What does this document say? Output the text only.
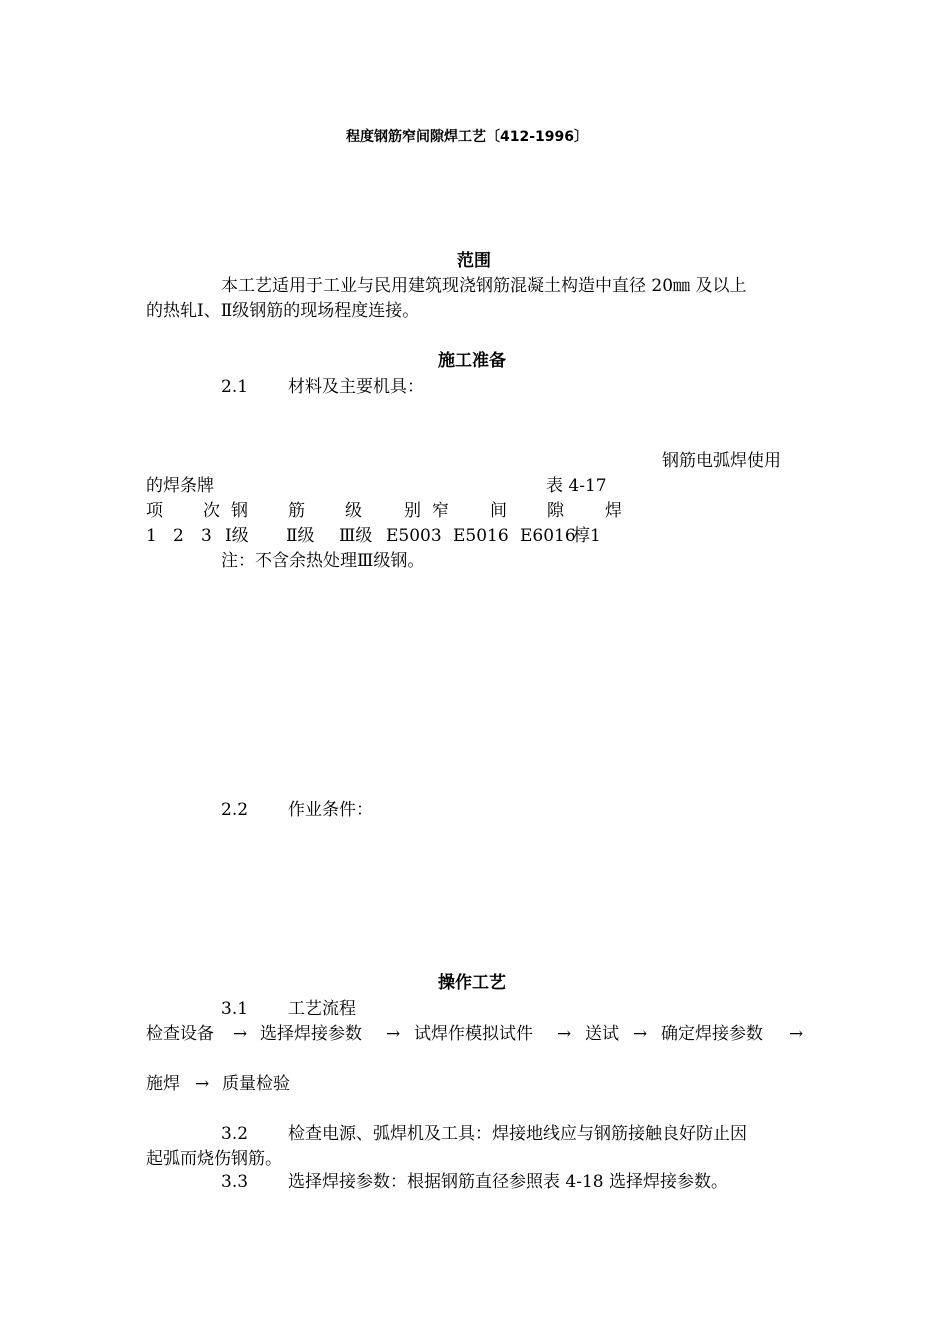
程度钢筋窄间隙焊工艺〔412-1996〕
范围
本工艺适用于工业与民用建筑现浇钢筋混凝土构造中直径 20㎜ 及以上
的热轧Ⅰ、Ⅱ级钢筋的现场程度连接。
施工准备
2.1 材料及主要机具：
钢筋电弧焊使用
的焊条牌	表 4-17
项 次 钢 筋 级 别 窄 间 隙 焊
1 2 3 Ⅰ级 Ⅱ级 Ⅲ级 E5003 E5016 E6016
椁1
注：不含余热处理Ⅲ级钢。
2.2 作业条件：
操作工艺
3.1 工艺流程
检查设备 → 选择焊接参数 → 试焊作模拟试件 → 送试 → 确定焊接参数 →
施焊 → 质量检验
3.2 检查电源、弧焊机及工具：焊接地线应与钢筋接触良好防止因
起弧而烧伤钢筋。
3.3 选择焊接参数：根据钢筋直径参照表 4-18 选择焊接参数。
